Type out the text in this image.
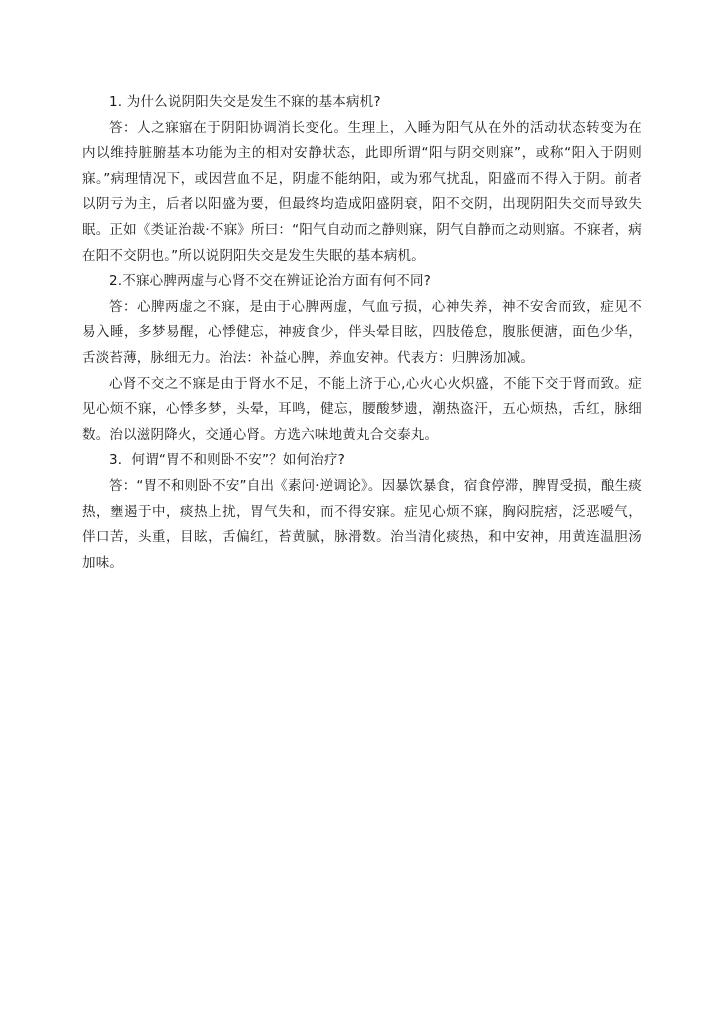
1. 为什么说阴阳失交是发生不寐的基本病机?

答：人之寐寤在于阴阳协调消长变化。生理上，入睡为阳气从在外的活动状态转变为在内以维持脏腑基本功能为主的相对安静状态，此即所谓“阳与阴交则寐”，或称“阳入于阴则寐。”病理情况下，或因营血不足，阴虚不能纳阳，或为邪气扰乱，阳盛而不得入于阴。前者以阴亏为主，后者以阳盛为要，但最终均造成阳盛阴衰，阳不交阴，出现阴阳失交而导致失眠。正如《类证治裁·不寐》所曰：“阳气自动而之静则寐，阴气自静而之动则寤。不寐者，病在阳不交阴也。”所以说阴阳失交是发生失眠的基本病机。

2.不寐心脾两虚与心肾不交在辨证论治方面有何不同?

答：心脾两虚之不寐，是由于心脾两虚，气血亏损，心神失养，神不安舍而致，症见不易入睡，多梦易醒，心悸健忘，神疲食少，伴头晕目眩，四肢倦怠，腹胀便溏，面色少华，舌淡苔薄，脉细无力。治法：补益心脾，养血安神。代表方：归脾汤加减。

心肾不交之不寐是由于肾水不足，不能上济于心,心火心火炽盛，不能下交于肾而致。症见心烦不寐，心悸多梦，头晕，耳鸣，健忘，腰酸梦遗，潮热盗汗，五心烦热，舌红，脉细数。治以滋阴降火，交通心肾。方选六味地黄丸合交泰丸。

3．何谓“胃不和则卧不安”？如何治疗?

答：“胃不和则卧不安”自出《素问·逆调论》。因暴饮暴食，宿食停滞，脾胃受损，酿生痰热，壅遏于中，痰热上扰，胃气失和，而不得安寐。症见心烦不寐，胸闷脘痞，泛恶嗳气，伴口苦，头重，目眩，舌偏红，苔黄腻，脉滑数。治当清化痰热，和中安神，用黄连温胆汤加味。
